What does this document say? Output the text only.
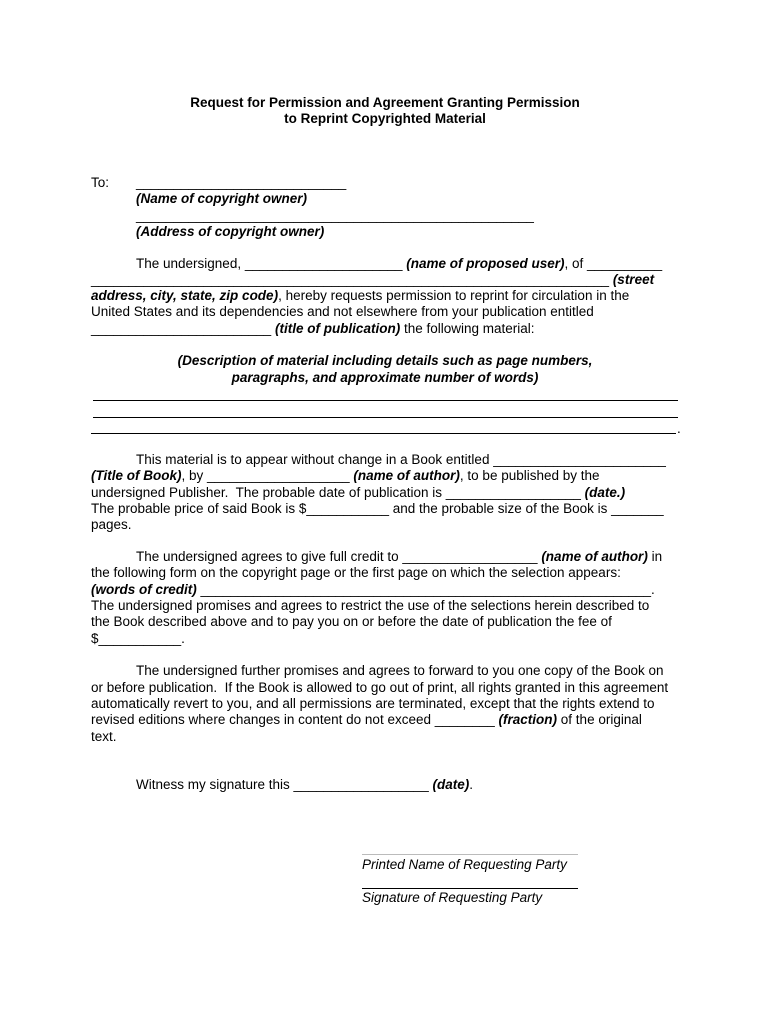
Request for Permission and Agreement Granting Permission
to Reprint Copyrighted Material
To: ____________________________
(Name of copyright owner)
_____________________________________________________
(Address of copyright owner)
The undersigned, _____________________ (name of proposed user), of __________
_____________________________________________________________________ (street
address, city, state, zip code), hereby requests permission to reprint for circulation in the
United States and its dependencies and not elsewhere from your publication entitled
________________________ (title of publication) the following material:
(Description of material including details such as page numbers,
paragraphs, and approximate number of words)
.
This material is to appear without change in a Book entitled _______________________
(Title of Book), by ___________________ (name of author), to be published by the
undersigned Publisher.  The probable date of publication is __________________ (date.)
The probable price of said Book is $___________ and the probable size of the Book is _______
pages.
The undersigned agrees to give full credit to __________________ (name of author) in
the following form on the copyright page or the first page on which the selection appears:
(words of credit) ____________________________________________________________.
The undersigned promises and agrees to restrict the use of the selections herein described to
the Book described above and to pay you on or before the date of publication the fee of
$___________.
The undersigned further promises and agrees to forward to you one copy of the Book on
or before publication.  If the Book is allowed to go out of print, all rights granted in this agreement
automatically revert to you, and all permissions are terminated, except that the rights extend to
revised editions where changes in content do not exceed ________ (fraction) of the original
text.
Witness my signature this __________________ (date).
Printed Name of Requesting Party
Signature of Requesting Party
